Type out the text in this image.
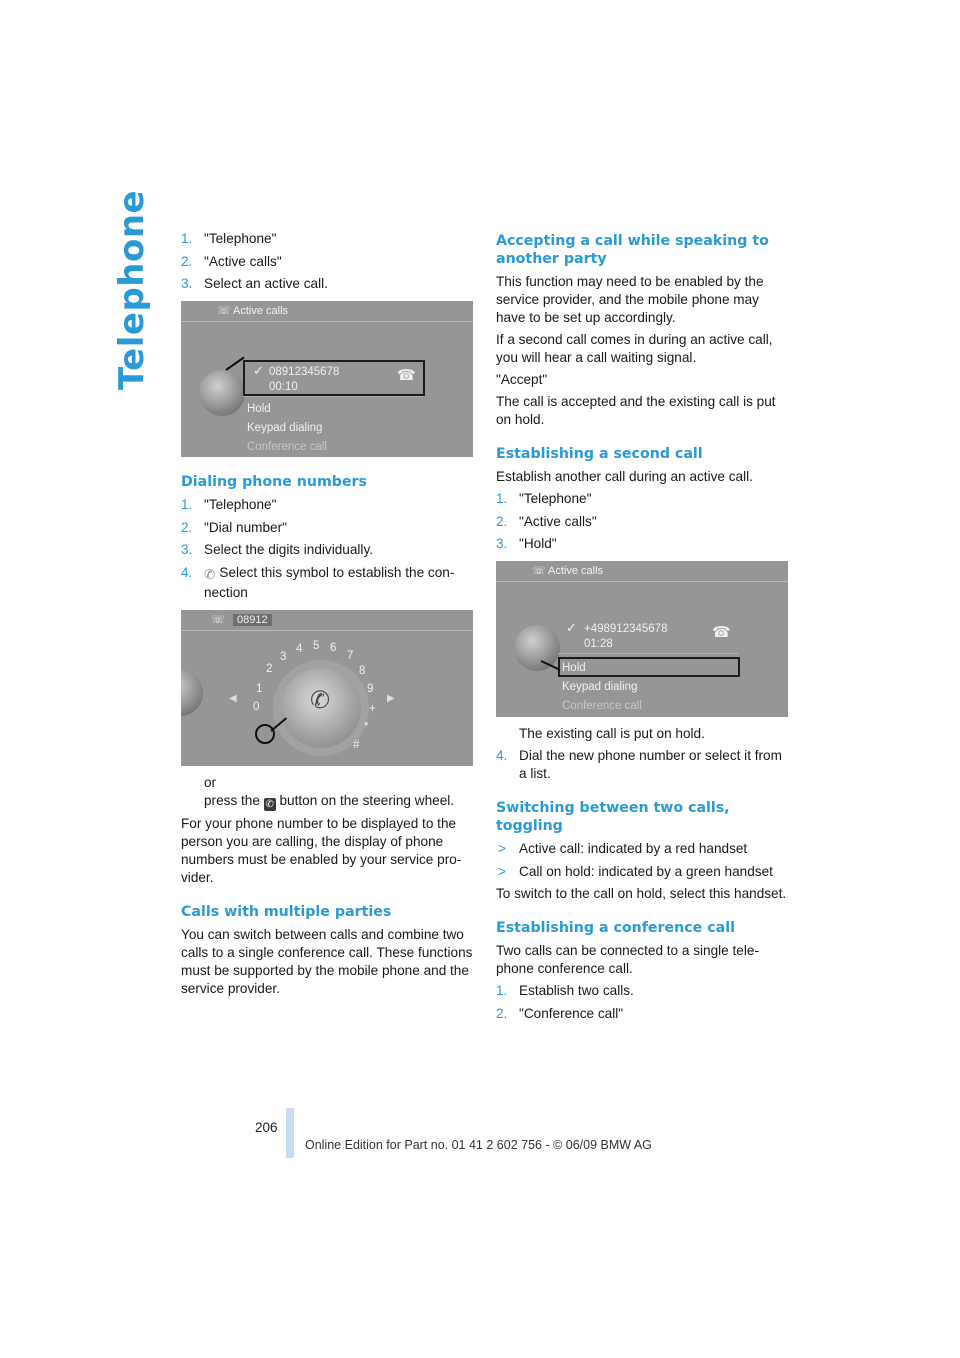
Telephone 1. "Telephone"
2. "Active calls"
3. Select an active call.
☏ Active calls
✓ 08912345678
00:10
☎
Hold
Keypad dialing
Conference call
Dialing phone numbers
1. "Telephone"
2. "Dial number"
3. Select the digits individually.
4. ✆ Select this symbol to establish the connection
☏ 08912
◀	▶
✆
1
2
3
4 5 6
7
8
9
0	+
*
#

or

press the ✆ button on the steering wheel.

For your phone number to be displayed to the person you are calling, the display of phone numbers must be enabled by your service provider.

Calls with multiple parties

You can switch between calls and combine two calls to a single conference call. These functions must be supported by the mobile phone and the service provider.

Accepting a call while speaking to another party

This function may need to be enabled by the service provider, and the mobile phone may have to be set up accordingly.

If a second call comes in during an active call, you will hear a call waiting signal.

"Accept"

The call is accepted and the existing call is put on hold.

Establishing a second call

Establish another call during an active call.

1. "Telephone"
2. "Active calls"
3. "Hold"
☏ Active calls
✓ +498912345678
01:28
☎
Hold
Keypad dialing
Conference call

The existing call is put on hold.

4. Dial the new phone number or select it from a list.
Switching between two calls, toggling
> Active call: indicated by a red handset
> Call on hold: indicated by a green handset

To switch to the call on hold, select this handset.

Establishing a conference call

Two calls can be connected to a single telephone conference call.

1. Establish two calls.
2. "Conference call"
206
Online Edition for Part no. 01 41 2 602 756 - © 06/09 BMW AG
